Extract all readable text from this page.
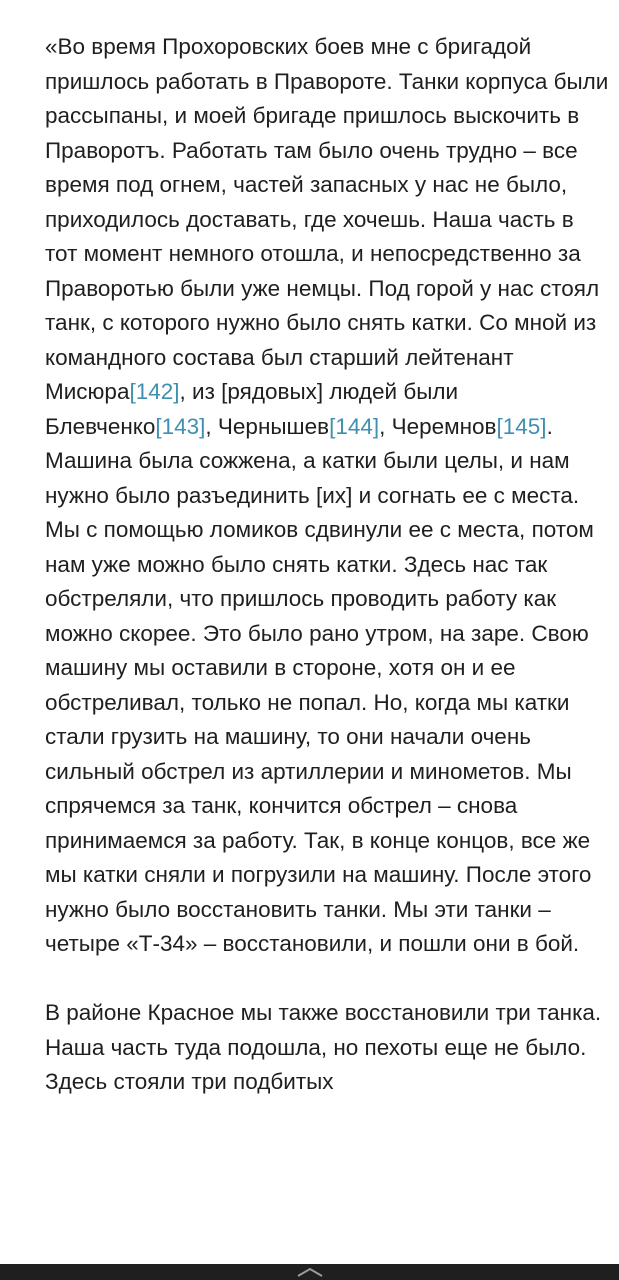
«Во время Прохоровских боев мне с бригадой пришлось работать в Правороте. Танки корпуса были рассыпаны, и моей бригаде пришлось выскочить в Праворотъ. Работать там было очень трудно – все время под огнем, частей запасных у нас не было, приходилось доставать, где хочешь. Наша часть в тот момент немного отошла, и непосредственно за Праворотью были уже немцы. Под горой у нас стоял танк, с которого нужно было снять катки. Со мной из командного состава был старший лейтенант Мисюра[142], из [рядовых] людей были Блевченко[143], Чернышев[144], Черемнов[145]. Машина была сожжена, а катки были целы, и нам нужно было разъединить [их] и согнать ее с места. Мы с помощью ломиков сдвинули ее с места, потом нам уже можно было снять катки. Здесь нас так обстреляли, что пришлось проводить работу как можно скорее. Это было рано утром, на заре. Свою машину мы оставили в стороне, хотя он и ее обстреливал, только не попал. Но, когда мы катки стали грузить на машину, то они начали очень сильный обстрел из артиллерии и минометов. Мы спрячемся за танк, кончится обстрел – снова принимаемся за работу. Так, в конце концов, все же мы катки сняли и погрузили на машину. После этого нужно было восстановить танки. Мы эти танки – четыре «Т-34» – восстановили, и пошли они в бой.

В районе Красное мы также восстановили три танка. Наша часть туда подошла, но пехоты еще не было. Здесь стояли три подбитых
